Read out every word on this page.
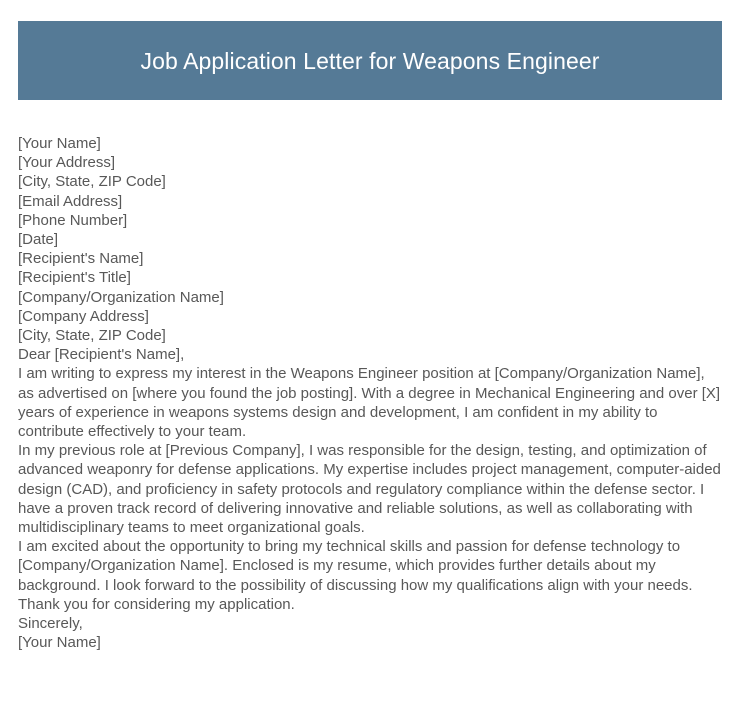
Job Application Letter for Weapons Engineer

[Your Name]

[Your Address]

[City, State, ZIP Code]

[Email Address]

[Phone Number]

[Date]

[Recipient's Name]

[Recipient's Title]

[Company/Organization Name]

[Company Address]

[City, State, ZIP Code]

Dear [Recipient's Name],

I am writing to express my interest in the Weapons Engineer position at [Company/Organization Name], as advertised on [where you found the job posting]. With a degree in Mechanical Engineering and over [X] years of experience in weapons systems design and development, I am confident in my ability to contribute effectively to your team.

In my previous role at [Previous Company], I was responsible for the design, testing, and optimization of advanced weaponry for defense applications. My expertise includes project management, computer-aided design (CAD), and proficiency in safety protocols and regulatory compliance within the defense sector. I have a proven track record of delivering innovative and reliable solutions, as well as collaborating with multidisciplinary teams to meet organizational goals.

I am excited about the opportunity to bring my technical skills and passion for defense technology to [Company/Organization Name]. Enclosed is my resume, which provides further details about my background. I look forward to the possibility of discussing how my qualifications align with your needs.

Thank you for considering my application.

Sincerely,

[Your Name]
